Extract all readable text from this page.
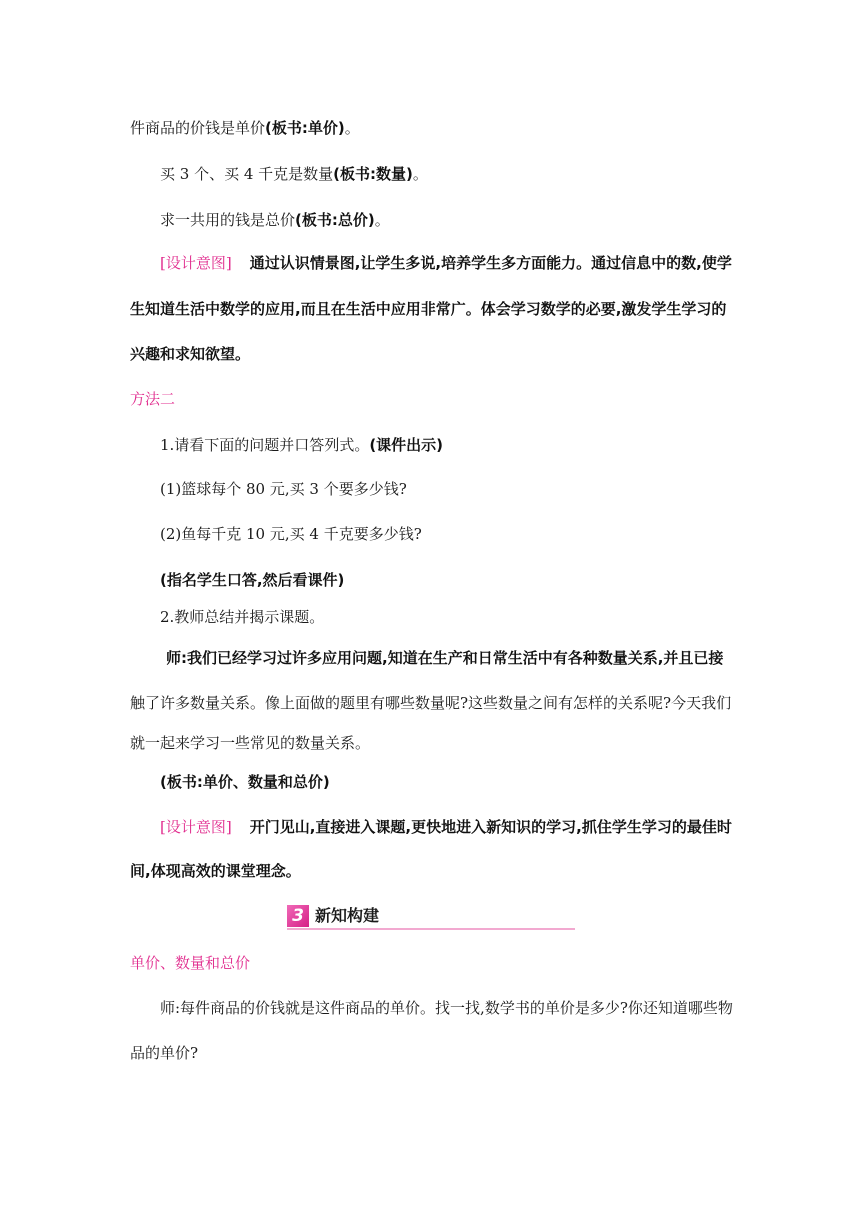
件商品的价钱是单价(板书:单价)。
买 3 个、买 4 千克是数量(板书:数量)。
求一共用的钱是总价(板书:总价)。
[设计意图] 通过认识情景图,让学生多说,培养学生多方面能力。通过信息中的数,使学
生知道生活中数学的应用,而且在生活中应用非常广。体会学习数学的必要,激发学生学习的
兴趣和求知欲望。
方法二
1.请看下面的问题并口答列式。(课件出示)
(1)篮球每个 80 元,买 3 个要多少钱?
(2)鱼每千克 10 元,买 4 千克要多少钱?
(指名学生口答,然后看课件)
2.教师总结并揭示课题。
师:我们已经学习过许多应用问题,知道在生产和日常生活中有各种数量关系,并且已接
触了许多数量关系。像上面做的题里有哪些数量呢?这些数量之间有怎样的关系呢?今天我们
就一起来学习一些常见的数量关系。
(板书:单价、数量和总价)
[设计意图] 开门见山,直接进入课题,更快地进入新知识的学习,抓住学生学习的最佳时
间,体现高效的课堂理念。
3 新知构建
单价、数量和总价
师:每件商品的价钱就是这件商品的单价。找一找,数学书的单价是多少?你还知道哪些物
品的单价?
